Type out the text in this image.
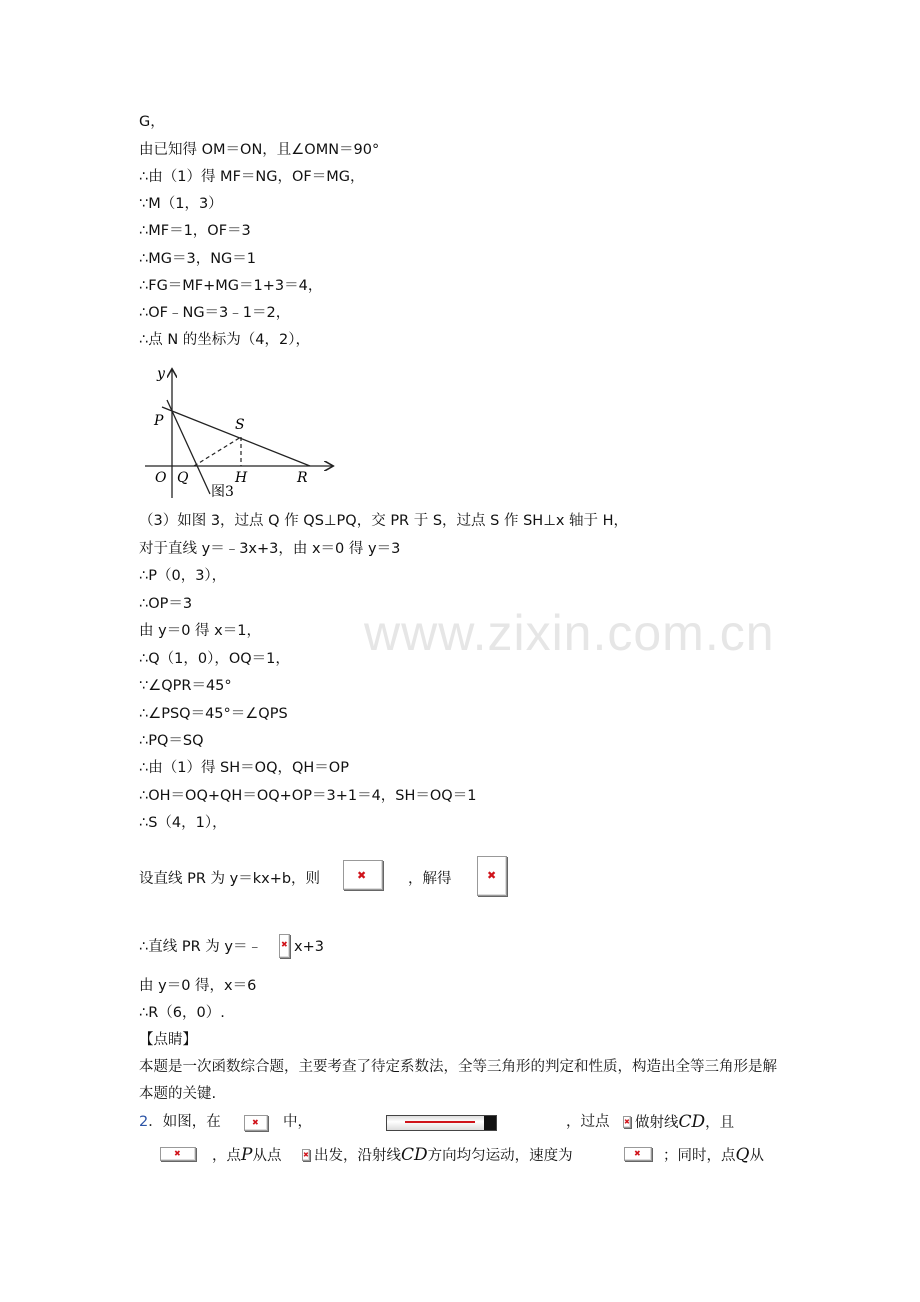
www.zixin.com.cn
G，
由已知得 OM＝ON，且∠OMN＝90°
∴由（1）得 MF＝NG，OF＝MG，
∵M（1，3）
∴MF＝1，OF＝3
∴MG＝3，NG＝1
∴FG＝MF+MG＝1+3＝4，
∴OF﹣NG＝3﹣1＝2，
∴点 N 的坐标为（4，2），
y
P	S
O Q	H	R
图3
（3）如图 3，过点 Q 作 QS⊥PQ，交 PR 于 S，过点 S 作 SH⊥x 轴于 H，
对于直线 y＝﹣3x+3，由 x＝0 得 y＝3
∴P（0，3），
∴OP＝3
由 y＝0 得 x＝1，
∴Q（1，0），OQ＝1，
∵∠QPR＝45°
∴∠PSQ＝45°＝∠QPS
∴PQ＝SQ
∴由（1）得 SH＝OQ，QH＝OP
∴OH＝OQ+QH＝OQ+OP＝3+1＝4，SH＝OQ＝1
∴S（4，1），
设直线 PR 为 y＝kx+b，则	✖	，解得	✖
∴直线 PR 为 y＝﹣ ✖ x+3
由 y＝0 得，x＝6
∴R（6，0）.
【点睛】
本题是一次函数综合题，主要考查了待定系数法，全等三角形的判定和性质，构造出全等三角形是解本题的关键.
2．如图，在	✖ 中，	，过点 ✖ 做射线CD，且
✖ ，点P从点	✖ 出发，沿射线CD方向均匀运动，速度为	✖ ；同时，点Q从
